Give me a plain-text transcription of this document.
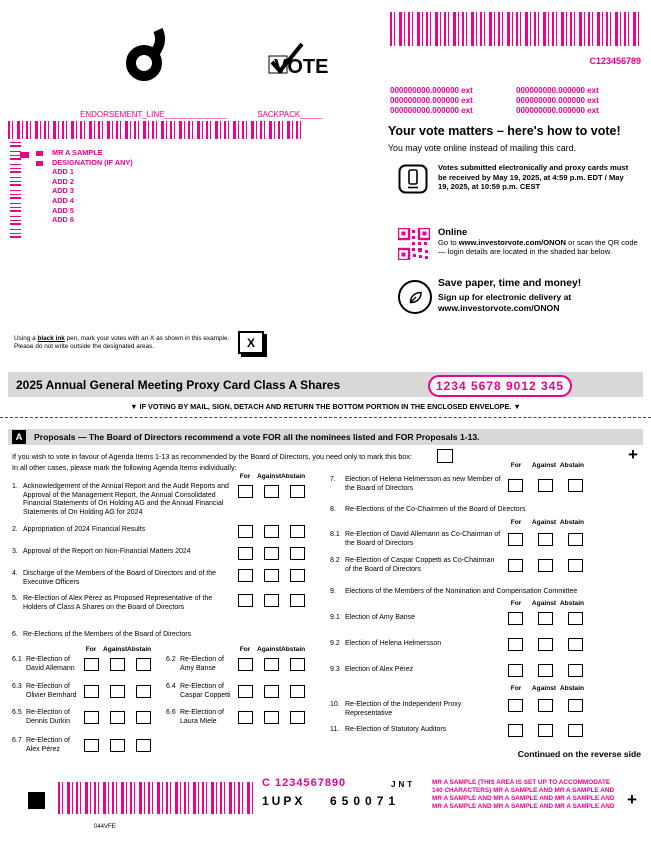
VOTE	C123456789
000000000.000000 ext
000000000.000000 ext
000000000.000000 ext
000000000.000000 ext
000000000.000000 ext
000000000.000000 ext
ENDORSEMENT_LINE______________	SACKPACK_____
MR A SAMPLE
DESIGNATION (IF ANY)
ADD 1
ADD 2
ADD 3
ADD 4
ADD 5
ADD 6
Your vote matters – here's how to vote!
You may vote online instead of mailing this card.
Votes submitted electronically and proxy cards must be received by May 19, 2025, at 4:59 p.m. EDT / May 19, 2025, at 10:59 p.m. CEST
Online
Go to www.investorvote.com/ONON or scan the QR code — login details are located in the shaded bar below.
Save paper, time and money!
Sign up for electronic delivery at
www.investorvote.com/ONON
Using a black ink pen, mark your votes with an X as shown in this example.
Please do not write outside the designated areas.	X
2025 Annual General Meeting Proxy Card Class A Shares	1234 5678 9012 345
▼ IF VOTING BY MAIL, SIGN, DETACH AND RETURN THE BOTTOM PORTION IN THE ENCLOSED ENVELOPE. ▼
A	Proposals — The Board of Directors recommend a vote FOR all the nominees listed and FOR Proposals 1-13.
If you wish to vote in favour of Agenda Items 1-13 as recommended by the Board of Directors, you need only to mark this box:	+
In all other cases, please mark the following Agenda Items individually:
For	Against Abstain
1. Acknowledgement of the Annual Report and the Audit Reports and Approval of the Management Report, the Annual Consolidated Financial Statements of On Holding AG and the Annual Financial Statements of On Holding AG for 2024
2. Appropriation of 2024 Financial Results
3. Approval of the Report on Non-Financial Matters 2024
4. Discharge of the Members of the Board of Directors and of the Executive Officers
5. Re-Election of Alex Pérez as Proposed Representative of the Holders of Class A Shares on the Board of Directors
6. Re-Elections of the Members of the Board of Directors
For	Against Abstain	For	Against Abstain
6.1 Re-Election of David Allemann
6.2 Re-Election of Amy Banse
6.3 Re-Election of Olivier Bernhard
6.4 Re-Election of Caspar Coppetti
6.5 Re-Election of Dennis Durkin
6.6 Re-Election of Laura Miele
6.7 Re-Election of Alex Pérez
For	Against Abstain
7.	Election of Helena Helmersson as new Member of the Board of Directors
8.	Re-Elections of the Co-Chairmen of the Board of Directors
For	Against Abstain
8.1 Re-Election of David Allemann as Co-Chairman of the Board of Directors
8.2 Re-Election of Caspar Coppetti as Co-Chairman of the Board of Directors
9.	Elections of the Members of the Nomination and Compensation Committee
For	Against Abstain
9.1 Election of Amy Banse
9.2 Election of Helena Helmersson
9.3 Election of Alex Pérez
For	Against Abstain
10. Re-Election of the Independent Proxy Representative
11. Re-Election of Statutory Auditors
Continued on the reverse side
C 1234567890
1UPX 650071
JNT	MR A SAMPLE (THIS AREA IS SET UP TO ACCOMMODATE
140 CHARACTERS) MR A SAMPLE AND MR A SAMPLE AND
MR A SAMPLE AND MR A SAMPLE AND MR A SAMPLE AND
MR A SAMPLE AND MR A SAMPLE AND MR A SAMPLE AND +
044VFE
